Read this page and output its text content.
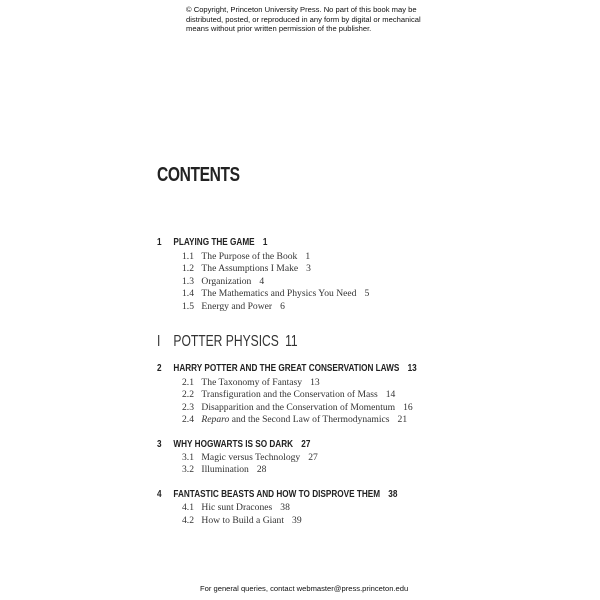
© Copyright, Princeton University Press. No part of this book may be
distributed, posted, or reproduced in any form by digital or mechanical
means without prior written permission of the publisher.
CONTENTS
1 PLAYING THE GAME 1
1.1 The Purpose of the Book 1
1.2 The Assumptions I Make 3
1.3 Organization 4
1.4 The Mathematics and Physics You Need 5
1.5 Energy and Power 6
I POTTER PHYSICS 11
2 HARRY POTTER AND THE GREAT CONSERVATION LAWS 13
2.1 The Taxonomy of Fantasy 13
2.2 Transfiguration and the Conservation of Mass 14
2.3 Disapparition and the Conservation of Momentum 16
2.4 Reparo and the Second Law of Thermodynamics 21
3 WHY HOGWARTS IS SO DARK 27
3.1 Magic versus Technology 27
3.2 Illumination 28
4 FANTASTIC BEASTS AND HOW TO DISPROVE THEM 38
4.1 Hic sunt Dracones 38
4.2 How to Build a Giant 39
For general queries, contact webmaster@press.princeton.edu
